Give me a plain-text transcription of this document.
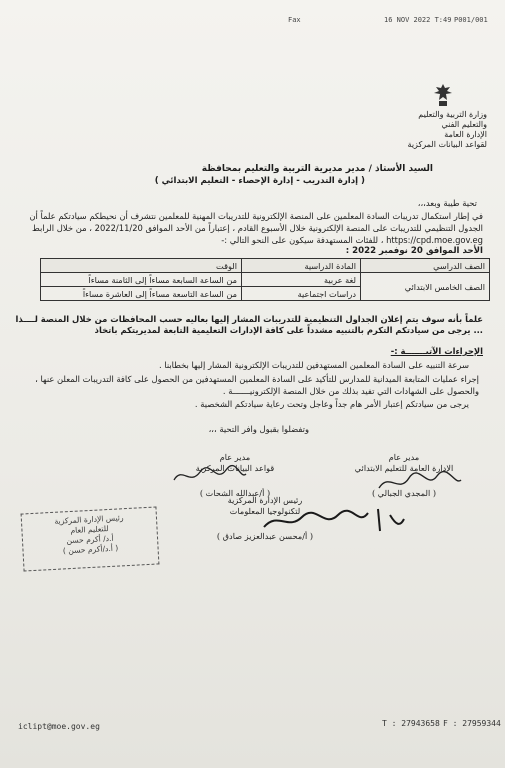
Fax	16 NOV 2022 T:49 P001/001
وزارة التربية والتعليم
والتعليم الفني
الإدارة العامة
لقواعد البيانات المركزية
السيد الأستاذ / مدير مديرية التربية والتعليم بمحافظة
( إدارة التدريب - إدارة الإحصاء - التعليم الابتدائي )
تحية طيبة وبعد،،،
في إطار استكمال تدريبات السادة المعلمين على المنصة الإلكترونية للتدريبات المهنية للمعلمين نتشرف أن نحيطكم سيادتكم علماً أن الجدول التنظيمي للتدريبات على المنصة الإلكترونية خلال الأسبوع القادم ، إعتباراً من الأحد الموافق 2022/11/20 ، من خلال الرابط https://cpd.moe.gov.eg ، للفئات المستهدفة سيكون على النحو التالي :-
الأحد الموافق 20 نوفمبر 2022 :
الصف الدراسي	المادة الدراسية	الوقت
الصف الخامس الابتدائي	لغة عربية	من الساعة السابعة مساءاً إلى الثامنة مساءاً
	دراسات اجتماعية	من الساعة التاسعة مساءاً إلى العاشرة مساءاً
علماً بأنه سوف يتم إعلان الجداول التنظيمية للتدريبات المشار إليها بعاليه حسب المحافظات من خلال المنصة لــــذا ... يرجى من سيادتكم التكرم بالتنبيه مشدداً على كافة الإدارات التعليمية التابعة لمديريتكم باتخاذ
الإجراءات الآتيـــــــة :-
سرعة التنبيه على السادة المعلمين المستهدفين للتدريبات الإلكترونية المشار إليها بخطابنا .
إجراء عمليات المتابعة الميدانية للمدارس للتأكيد على السادة المعلمين المستهدفين من الحصول على كافة التدريبات المعلن عنها ، والحصول على الشهادات التي تفيد بذلك من خلال المنصة الإلكترونيـــــــة .
يرجى من سيادتكم إعتبار الأمر هام جداً وعاجل وتحت رعاية سيادتكم الشخصية .
وتفضلوا بقبول وافر التحية ،،،
مدير عام
الإدارة العامة للتعليم الابتدائي
( المجدي الجبالي )
مدير عام
قواعد البيانات المركزية
( أ/عبدالله الشحات )
رئيس الإدارة المركزية
لتكنولوجيا المعلومات
( أ/محسن عبدالعزيز صادق )
رئيس الإدارة المركزية
للتعليم العام
أ.د/ أكرم حسن
( أ.د/أكرم حسن )
iclipt@moe.gov.eg	T : 27943658 F : 27959344
